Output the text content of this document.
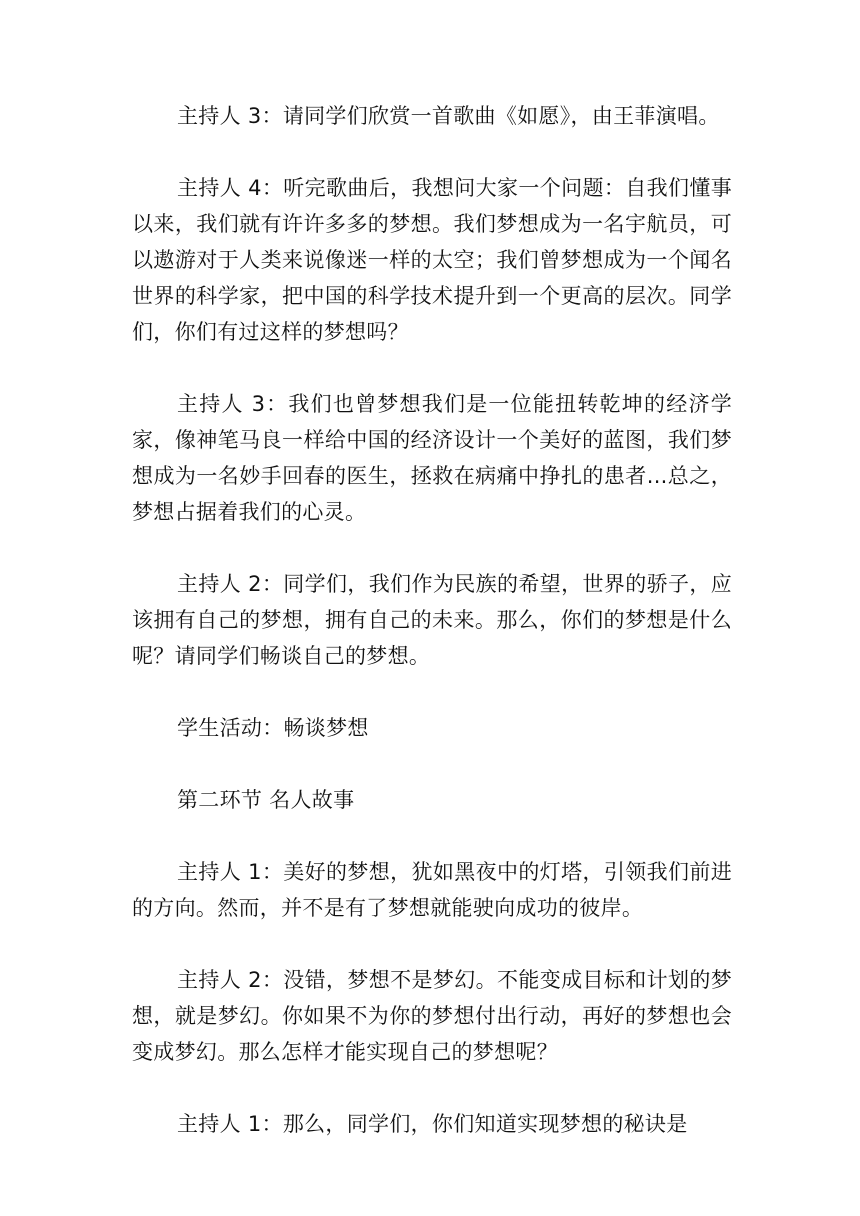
主持人 3：请同学们欣赏一首歌曲《如愿》，由王菲演唱。

主持人 4：听完歌曲后，我想问大家一个问题：自我们懂事以来，我们就有许许多多的梦想。我们梦想成为一名宇航员，可以遨游对于人类来说像迷一样的太空；我们曾梦想成为一个闻名世界的科学家，把中国的科学技术提升到一个更高的层次。同学们，你们有过这样的梦想吗？

主持人 3：我们也曾梦想我们是一位能扭转乾坤的经济学家，像神笔马良一样给中国的经济设计一个美好的蓝图，我们梦想成为一名妙手回春的医生，拯救在病痛中挣扎的患者...总之，梦想占据着我们的心灵。

主持人 2：同学们，我们作为民族的希望，世界的骄子，应该拥有自己的梦想，拥有自己的未来。那么，你们的梦想是什么呢？请同学们畅谈自己的梦想。

学生活动：畅谈梦想

第二环节 名人故事

主持人 1：美好的梦想，犹如黑夜中的灯塔，引领我们前进的方向。然而，并不是有了梦想就能驶向成功的彼岸。

主持人 2：没错，梦想不是梦幻。不能变成目标和计划的梦想，就是梦幻。你如果不为你的梦想付出行动，再好的梦想也会变成梦幻。那么怎样才能实现自己的梦想呢？

主持人 1：那么，同学们，你们知道实现梦想的秘诀是
